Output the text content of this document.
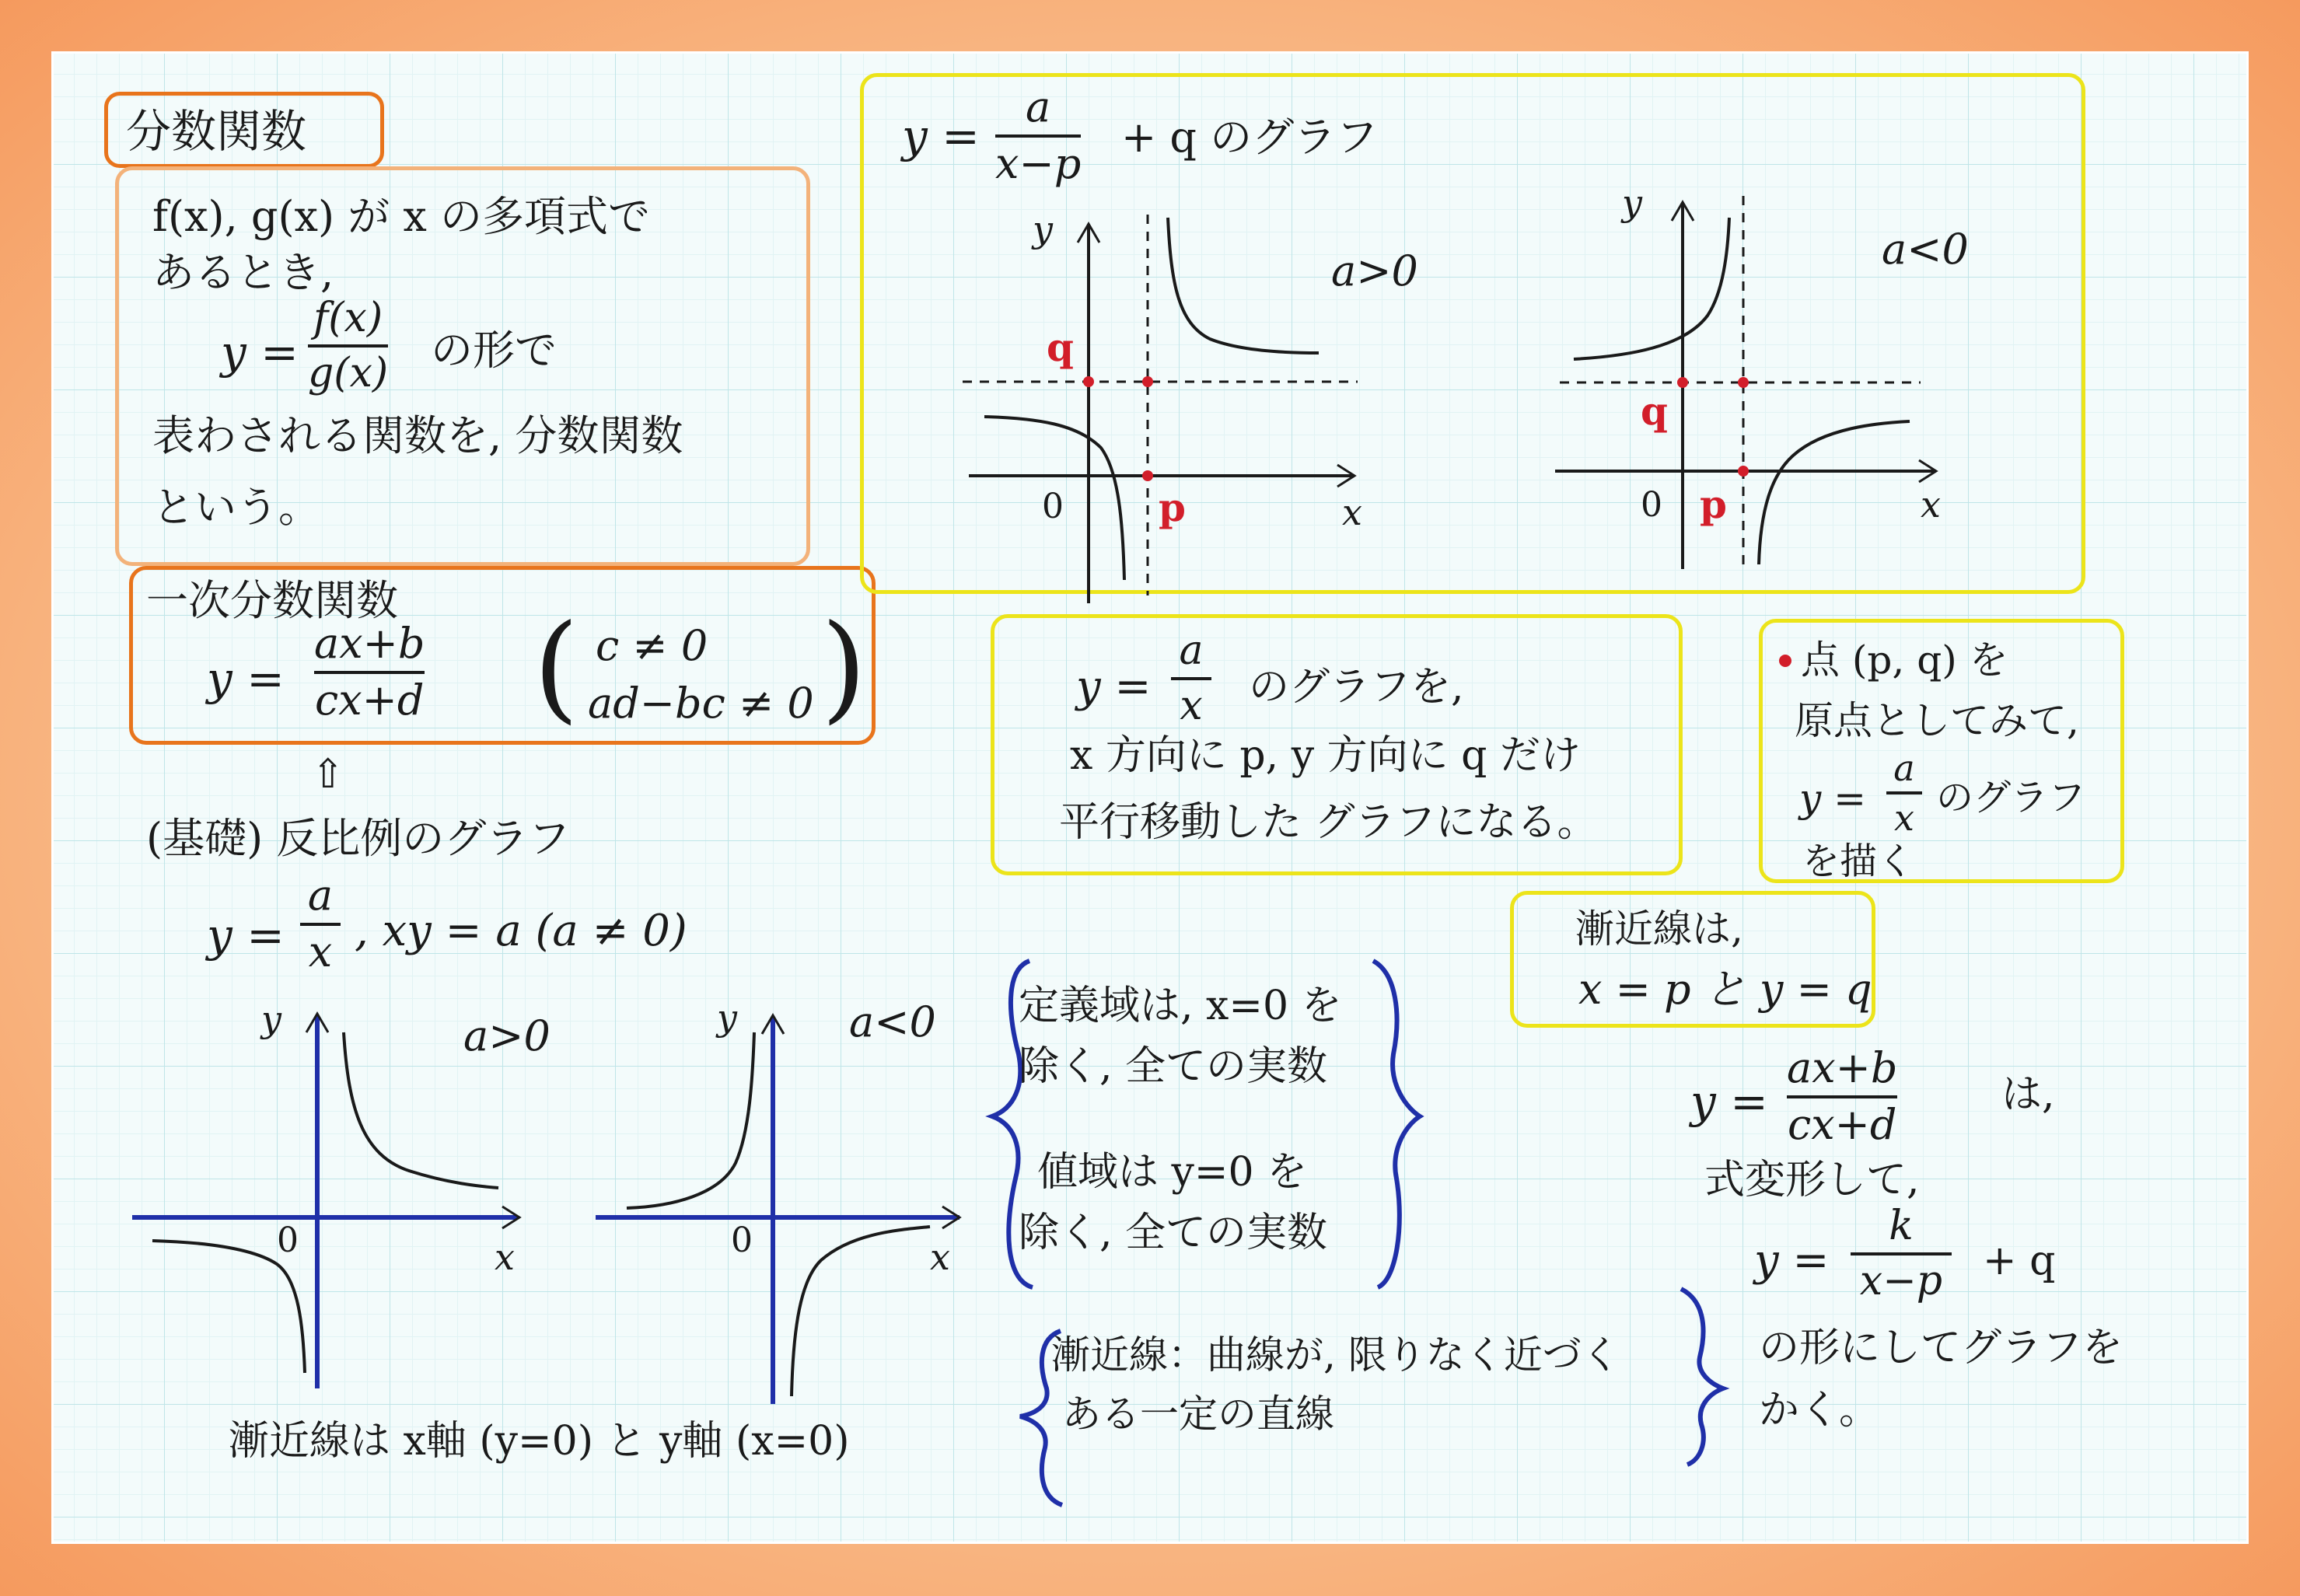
分数関数
f(x), g(x) が x の多項式で
あるとき,
y =
f(x)
g(x) の形で
表わされる関数を, 分数関数
という。
一次分数関数
y =
ax+b
cx+d ( c ≠ 0
ad−bc ≠ 0 )
⇧
(基礎) 反比例のグラフ
y =
a
x , xy = a (a ≠ 0)
y
x
0
a>0	y
x
0
a<0
漸近線は x軸 (y=0) と y軸 (x=0)
定義域は, x=0 を
除く, 全ての実数
値域は y=0 を
除く, 全ての実数
漸近線：曲線が, 限りなく近づく
ある一定の直線
y =
a
x−p
+ q のグラフ
y
x
0
q
p
a>0
y
x
0
q
p
a<0
y =
a
x のグラフを,
x 方向に p, y 方向に q だけ
平行移動した グラフになる。
点 (p, q) を
原点としてみて,
y =
a
x のグラフ
を描く
漸近線は,
x = p と y = q
y =
ax+b
cx+d
は,
式変形して,
y =
k
x−p + q
の形にしてグラフを
かく。
